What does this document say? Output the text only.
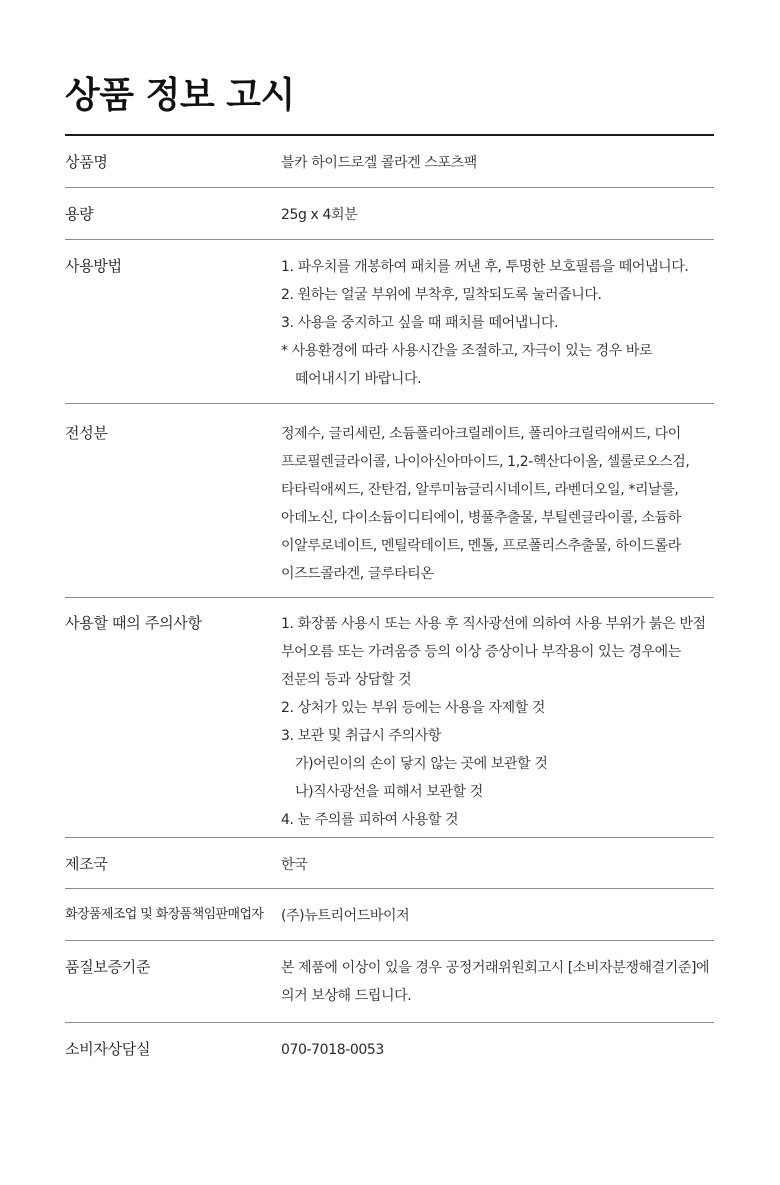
상품 정보 고시
상품명	블카 하이드로겔 콜라겐 스포츠팩
용량	25g x 4회분
사용방법	1. 파우치를 개봉하여 패치를 꺼낸 후, 투명한 보호필름을 떼어냅니다.
2. 원하는 얼굴 부위에 부착후, 밀착되도록 눌러줍니다.
3. 사용을 중지하고 싶을 때 패치를 떼어냅니다.
* 사용환경에 따라 사용시간을 조절하고, 자극이 있는 경우 바로
떼어내시기 바랍니다.
전성분	정제수, 글리세린, 소듐폴리아크릴레이트, 폴리아크릴릭애씨드, 다이
프로필렌글라이콜, 나이아신아마이드, 1,2-헥산다이올, 셀룰로오스검,
타타릭애씨드, 잔탄검, 알루미늄글리시네이트, 라벤더오일, *리날룰,
아데노신, 다이소듐이디티에이, 병풀추출물, 부틸렌글라이콜, 소듐하
이알루로네이트, 멘틸락테이트, 멘톨, 프로폴리스추출물, 하이드롤라
이즈드콜라겐, 글루타티온
사용할 때의 주의사항	1. 화장품 사용시 또는 사용 후 직사광선에 의하여 사용 부위가 붉은 반점
부어오름 또는 가려움증 등의 이상 증상이나 부작용이 있는 경우에는
전문의 등과 상담할 것
2. 상처가 있는 부위 등에는 사용을 자제할 것
3. 보관 및 취급시 주의사항
가)어린이의 손이 닿지 않는 곳에 보관할 것
나)직사광선을 피해서 보관할 것
4. 눈 주의를 피하여 사용할 것
제조국	한국
화장품제조업 및 화장품책임판매업자	(주)뉴트리어드바이저
품질보증기준	본 제품에 이상이 있을 경우 공정거래위원회고시 [소비자분쟁해결기준]에
의거 보상해 드립니다.
소비자상담실	070-7018-0053
